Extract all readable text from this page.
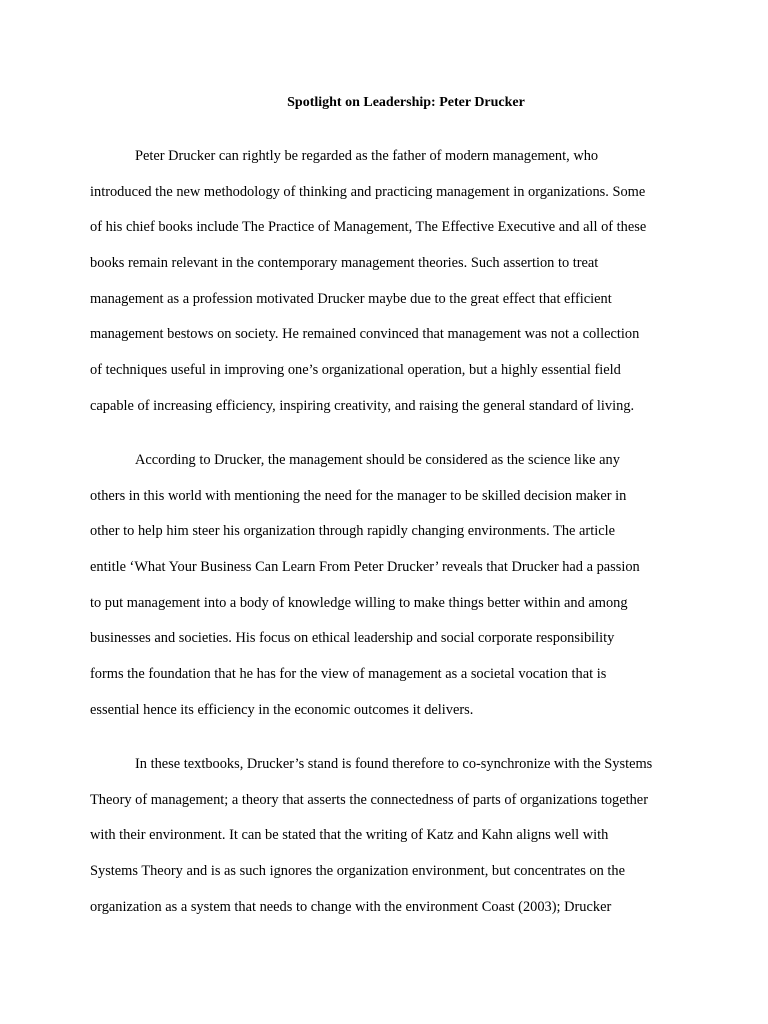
Spotlight on Leadership: Peter Drucker
Peter Drucker can rightly be regarded as the father of modern management, who
introduced the new methodology of thinking and practicing management in organizations. Some
of his chief books include The Practice of Management, The Effective Executive and all of these
books remain relevant in the contemporary management theories. Such assertion to treat
management as a profession motivated Drucker maybe due to the great effect that efficient
management bestows on society. He remained convinced that management was not a collection
of techniques useful in improving one’s organizational operation, but a highly essential field
capable of increasing efficiency, inspiring creativity, and raising the general standard of living.
According to Drucker, the management should be considered as the science like any
others in this world with mentioning the need for the manager to be skilled decision maker in
other to help him steer his organization through rapidly changing environments. The article
entitle ‘What Your Business Can Learn From Peter Drucker’ reveals that Drucker had a passion
to put management into a body of knowledge willing to make things better within and among
businesses and societies. His focus on ethical leadership and social corporate responsibility
forms the foundation that he has for the view of management as a societal vocation that is
essential hence its efficiency in the economic outcomes it delivers.
In these textbooks, Drucker’s stand is found therefore to co-synchronize with the Systems
Theory of management; a theory that asserts the connectedness of parts of organizations together
with their environment. It can be stated that the writing of Katz and Kahn aligns well with
Systems Theory and is as such ignores the organization environment, but concentrates on the
organization as a system that needs to change with the environment Coast (2003); Drucker
